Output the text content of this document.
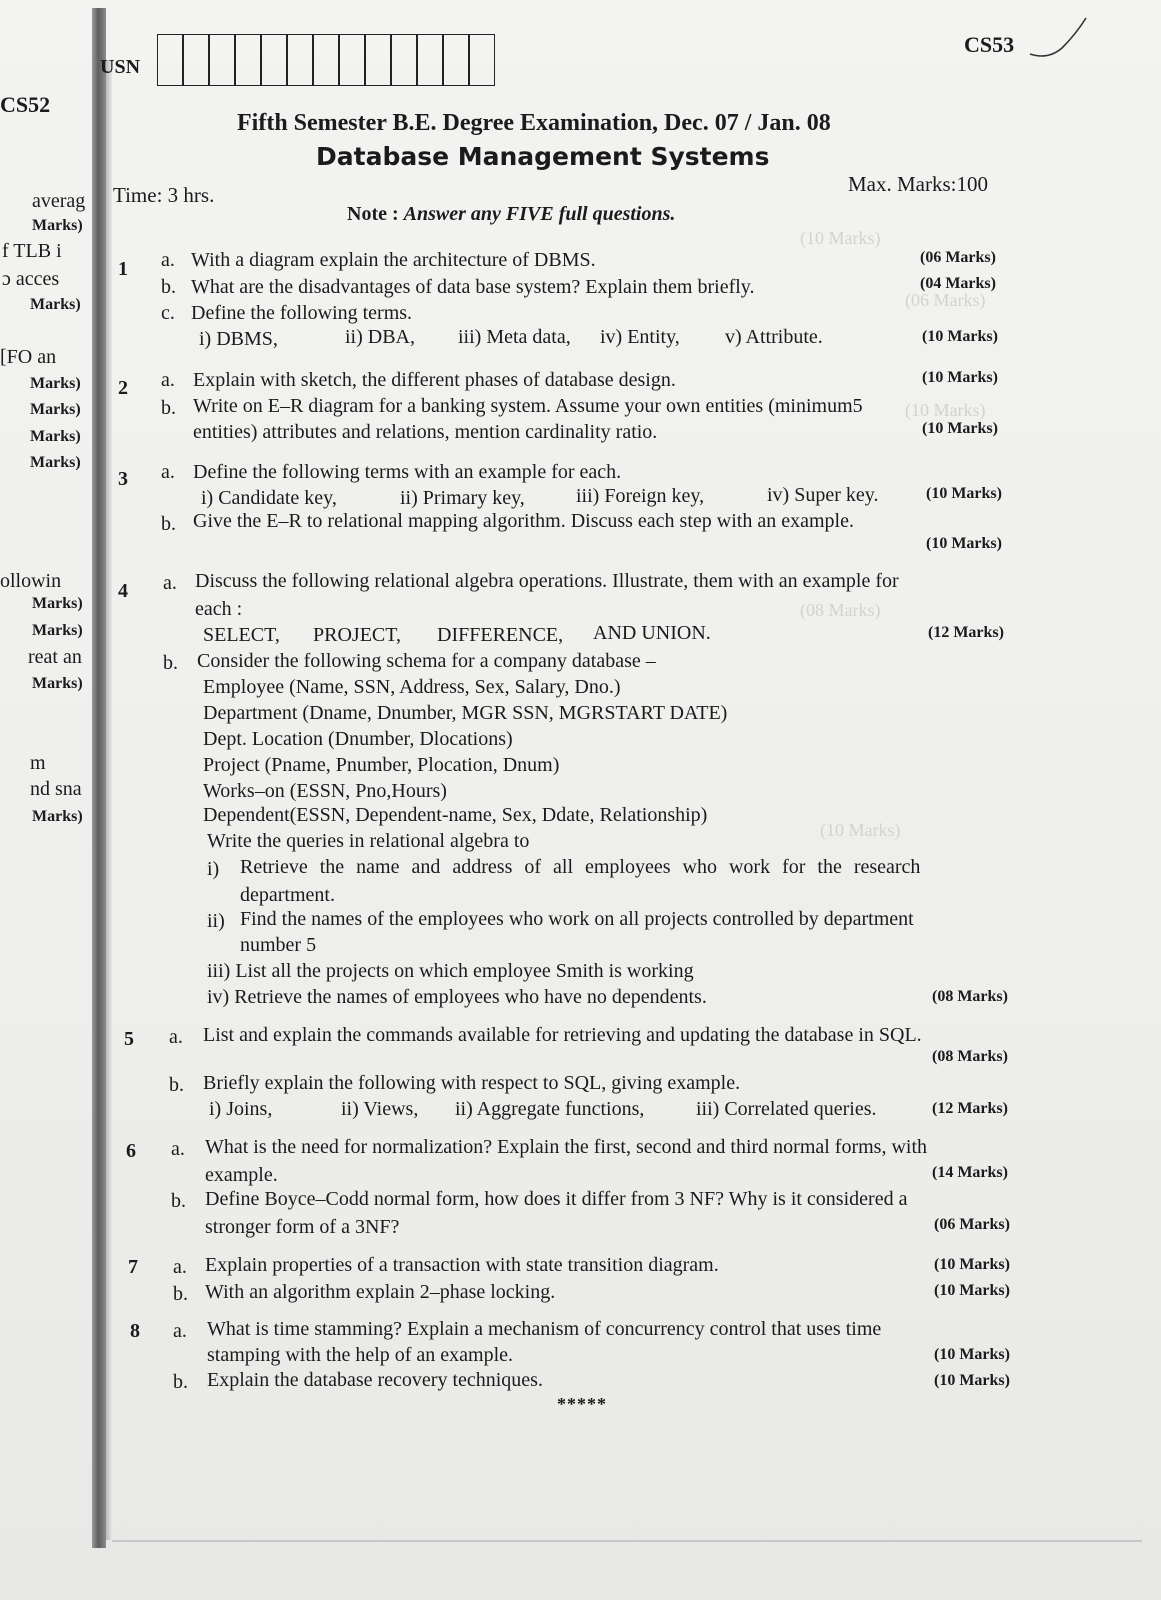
(10 Marks)
(06 Marks)
(10 Marks)
(08 Marks)
(10 Marks)
CS52
averag
Marks)
f TLB i
ɔ acces
Marks)
[FO an
Marks)
Marks)
Marks)
Marks)
ollowin
Marks)
Marks)
reat an
Marks)
m
nd sna
Marks)
USN
CS53
Fifth Semester B.E. Degree Examination, Dec. 07 / Jan. 08
Database Management Systems
Time: 3 hrs.	Max. Marks:100
Note : Answer any FIVE full questions.
1 a. With a diagram explain the architecture of DBMS.	(06 Marks)
b. What are the disadvantages of data base system? Explain them briefly.	(04 Marks)
c. Define the following terms.
i) DBMS,	ii) DBA, iii) Meta data, iv) Entity, v) Attribute.	(10 Marks)
2 a. Explain with sketch, the different phases of database design.	(10 Marks)
b. Write on E–R diagram for a banking system. Assume your own entities (minimum5
entities) attributes and relations, mention cardinality ratio.	(10 Marks)
3 a. Define the following terms with an example for each.
i) Candidate key,	ii) Primary key,	iii) Foreign key,	iv) Super key.	(10 Marks)
b. Give the E–R to relational mapping algorithm. Discuss each step with an example.
(10 Marks)
4 a. Discuss the following relational algebra operations. Illustrate, them with an example for
each :
SELECT, PROJECT, DIFFERENCE, AND UNION.	(12 Marks)
b. Consider the following schema for a company database –
Employee (Name, SSN, Address, Sex, Salary, Dno.)
Department (Dname, Dnumber, MGR SSN, MGRSTART DATE)
Dept. Location (Dnumber, Dlocations)
Project (Pname, Pnumber, Plocation, Dnum)
Works–on (ESSN, Pno,Hours)
Dependent(ESSN, Dependent-name, Sex, Ddate, Relationship)
Write the queries in relational algebra to
i) Retrieve the name and address of all employees who work for the research
department.
ii) Find the names of the employees who work on all projects controlled by department
number 5
iii) List all the projects on which employee Smith is working
iv) Retrieve the names of employees who have no dependents.	(08 Marks)
5 a. List and explain the commands available for retrieving and updating the database in SQL.
(08 Marks)
b. Briefly explain the following with respect to SQL, giving example.
i) Joins,	ii) Views, ii) Aggregate functions,	iii) Correlated queries.	(12 Marks)
6 a. What is the need for normalization? Explain the first, second and third normal forms, with
example.	(14 Marks)
b. Define Boyce–Codd normal form, how does it differ from 3 NF? Why is it considered a
stronger form of a 3NF?	(06 Marks)
7 a. Explain properties of a transaction with state transition diagram.	(10 Marks)
b. With an algorithm explain 2–phase locking.	(10 Marks)
8 a. What is time stamming? Explain a mechanism of concurrency control that uses time
stamping with the help of an example.	(10 Marks)
b. Explain the database recovery techniques.	(10 Marks)
*****
